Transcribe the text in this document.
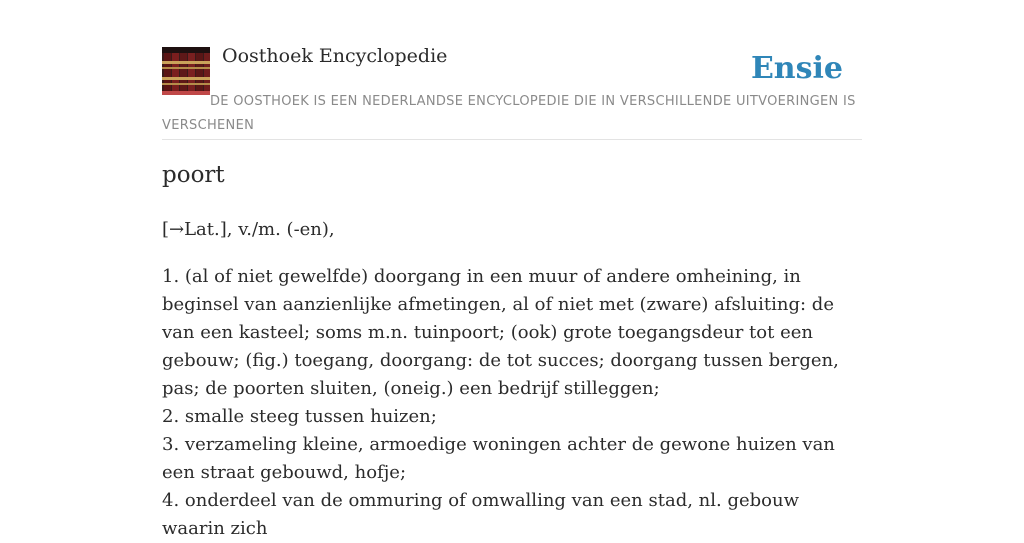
Oosthoek Encyclopedie	Ensie
DE OOSTHOEK IS EEN NEDERLANDSE ENCYCLOPEDIE DIE IN VERSCHILLENDE UITVOERINGEN IS VERSCHENEN
poort
[→Lat.], v./m. (-en),
1. (al of niet gewelfde) doorgang in een muur of andere omheining, in beginsel van aanzienlijke afmetingen, al of niet met (zware) afsluiting: de van een kasteel; soms m.n. tuinpoort; (ook) grote toegangsdeur tot een gebouw; (fig.) toegang, doorgang: de tot succes; doorgang tussen bergen, pas; de poorten sluiten, (oneig.) een bedrijf stilleggen;
2. smalle steeg tussen huizen;
3. verzameling kleine, armoedige woningen achter de gewone huizen van een straat gebouwd, hofje;
4. onderdeel van de ommuring of omwalling van een stad, nl. gebouw waarin zich
